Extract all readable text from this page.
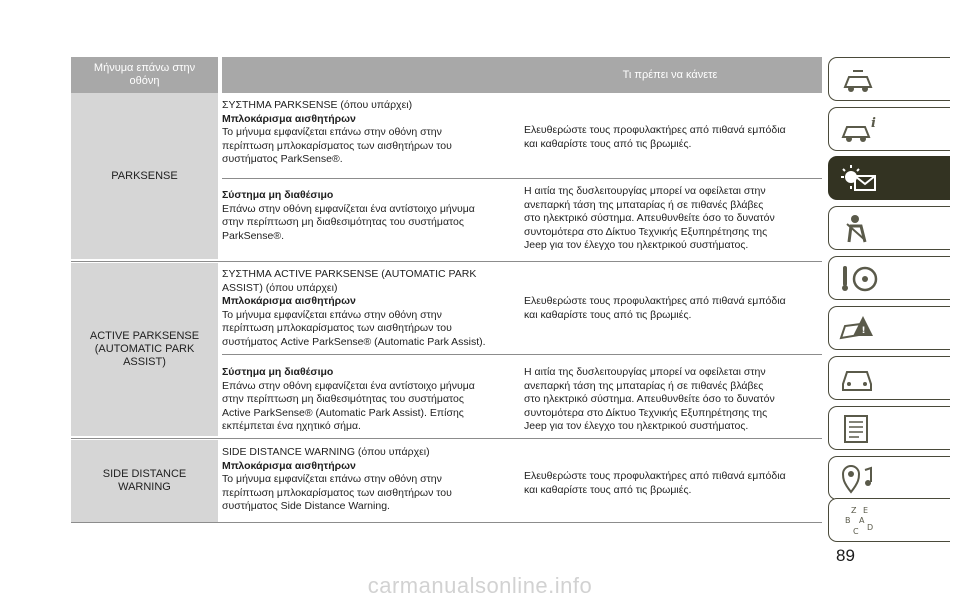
Μήνυμα επάνω στην οθόνη
Τι πρέπει να κάνετε
PARKSENSE
ACTIVE PARKSENSE (AUTOMATIC PARK ASSIST)
SIDE DISTANCE WARNING
ΣΥΣΤΗΜΑ PARKSENSE (όπου υπάρχει)
Μπλοκάρισμα αισθητήρων
Το μήνυμα εμφανίζεται επάνω στην οθόνη στην
περίπτωση μπλοκαρίσματος των αισθητήρων του
συστήματος ParkSense®.
Ελευθερώστε τους προφυλακτήρες από πιθανά εμπόδια
και καθαρίστε τους από τις βρωμιές.
Σύστημα μη διαθέσιμο
Επάνω στην οθόνη εμφανίζεται ένα αντίστοιχο μήνυμα
στην περίπτωση μη διαθεσιμότητας του συστήματος
ParkSense®.
Η αιτία της δυσλειτουργίας μπορεί να οφείλεται στην
ανεπαρκή τάση της μπαταρίας ή σε πιθανές βλάβες
στο ηλεκτρικό σύστημα. Απευθυνθείτε όσο το δυνατόν
συντομότερα στο Δίκτυο Τεχνικής Εξυπηρέτησης της
Jeep για τον έλεγχο του ηλεκτρικού συστήματος.
ΣΥΣΤΗΜΑ ACTIVE PARKSENSE (AUTOMATIC PARK
ASSIST) (όπου υπάρχει)
Μπλοκάρισμα αισθητήρων
Το μήνυμα εμφανίζεται επάνω στην οθόνη στην
περίπτωση μπλοκαρίσματος των αισθητήρων του
συστήματος Active ParkSense® (Automatic Park Assist).
Ελευθερώστε τους προφυλακτήρες από πιθανά εμπόδια
και καθαρίστε τους από τις βρωμιές.
Σύστημα μη διαθέσιμο
Επάνω στην οθόνη εμφανίζεται ένα αντίστοιχο μήνυμα
στην περίπτωση μη διαθεσιμότητας του συστήματος
Active ParkSense® (Automatic Park Assist). Επίσης
εκπέμπεται ένα ηχητικό σήμα.
Η αιτία της δυσλειτουργίας μπορεί να οφείλεται στην
ανεπαρκή τάση της μπαταρίας ή σε πιθανές βλάβες
στο ηλεκτρικό σύστημα. Απευθυνθείτε όσο το δυνατόν
συντομότερα στο Δίκτυο Τεχνικής Εξυπηρέτησης της
Jeep για τον έλεγχο του ηλεκτρικού συστήματος.
SIDE DISTANCE WARNING (όπου υπάρχει)
Μπλοκάρισμα αισθητήρων
Το μήνυμα εμφανίζεται επάνω στην οθόνη στην
περίπτωση μπλοκαρίσματος των αισθητήρων του
συστήματος Side Distance Warning.
Ελευθερώστε τους προφυλακτήρες από πιθανά εμπόδια
και καθαρίστε τους από τις βρωμιές.
i
!
Z E
B A
C D
89
carmanualsonline.info
